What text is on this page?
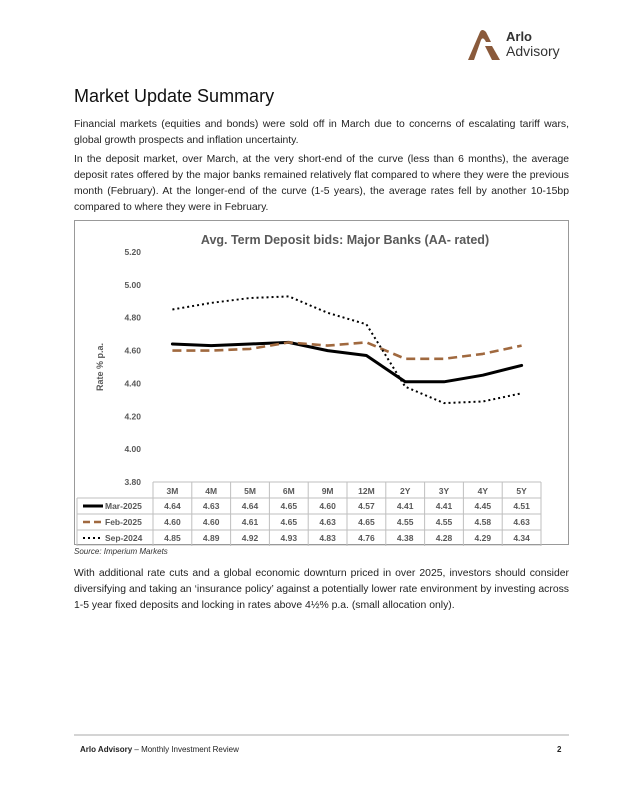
Arlo
Advisory
Market Update Summary

Financial markets (equities and bonds) were sold off in March due to concerns of escalating tariff wars, global growth prospects and inflation uncertainty.

In the deposit market, over March, at the very short-end of the curve (less than 6 months), the average deposit rates offered by the major banks remained relatively flat compared to where they were the previous month (February). At the longer-end of the curve (1-5 years), the average rates fell by another 10-15bp compared to where they were in February.

Avg. Term Deposit bids: Major Banks (AA- rated)
Rate % p.a.
5.20
5.00
4.80
4.60
4.40
4.20
4.00
3.80
3M	4M	5M	6M	9M	12M	2Y	3Y	4Y	5Y
Mar-2025	4.64	4.63	4.64	4.65	4.60	4.57	4.41	4.41	4.45	4.51
Feb-2025	4.60	4.60	4.61	4.65	4.63	4.65	4.55	4.55	4.58	4.63
Sep-2024	4.85	4.89	4.92	4.93	4.83	4.76	4.38	4.28	4.29	4.34
Source: Imperium Markets

With additional rate cuts and a global economic downturn priced in over 2025, investors should consider diversifying and taking an ‘insurance policy’ against a potentially lower rate environment by investing across 1-5 year fixed deposits and locking in rates above 4½% p.a. (small allocation only).

Arlo Advisory – Monthly Investment Review	2
